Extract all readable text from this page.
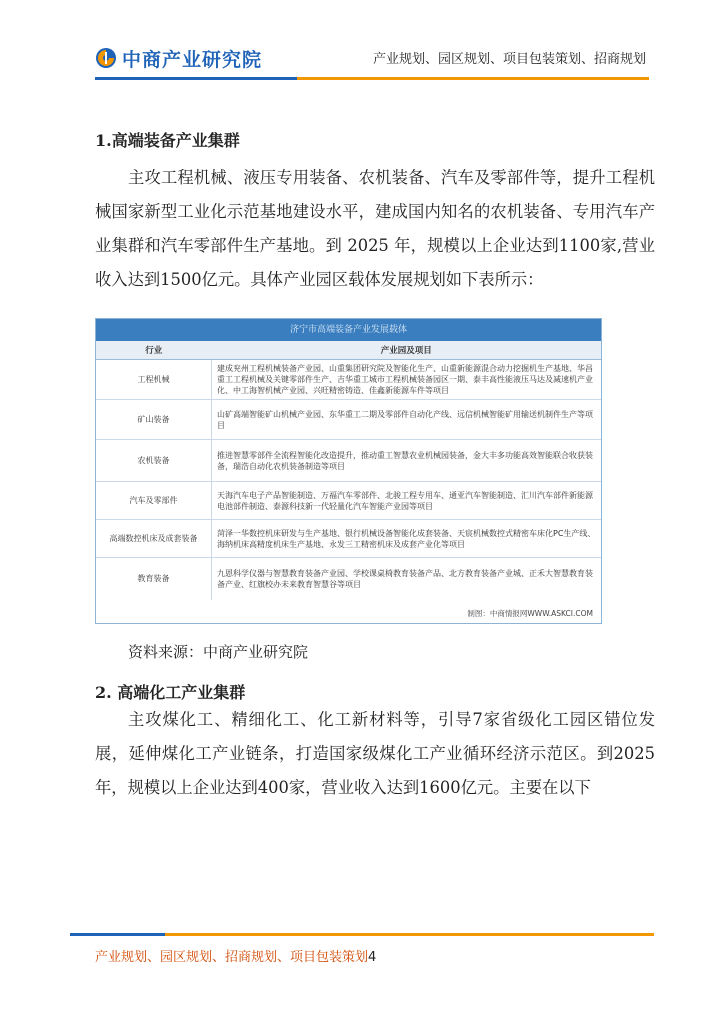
中商产业研究院	产业规划、园区规划、项目包装策划、招商规划
1.高端装备产业集群

主攻工程机械、液压专用装备、农机装备、汽车及零部件等，提升工程机械国家新型工业化示范基地建设水平，建成国内知名的农机装备、专用汽车产业集群和汽车零部件生产基地。到 2025 年，规模以上企业达到1100家,营业收入达到1500亿元。具体产业园区载体发展规划如下表所示：

济宁市高端装备产业发展载体
行业	产业园及项目
工程机械	建成兖州工程机械装备产业园、山重集团研究院及智能化生产、山重新能源混合动力挖掘机生产基地、华昌重工工程机械及关键零部件生产、吉华重工城市工程机械装备园区一期、泰丰高性能液压马达及减速机产业化、中工海智机械产业园、兴旺精密铸造、佳鑫新能源车件等项目
矿山装备	山矿高端智能矿山机械产业园、东华重工二期及零部件自动化产线、远信机械智能矿用输送机制件生产等项目
农机装备	推进智慧零部件全流程智能化改造提升，推动重工智慧农业机械园装备，金大丰多功能高效智能联合收获装备，瑞浩自动化农机装备制造等项目
汽车及零部件	天海汽车电子产品智能制造、万福汽车零部件、北骏工程专用车、通亚汽车智能制造、汇川汽车部件新能源电池部件制造、泰源科技新一代轻量化汽车智能产业园等项目
高端数控机床及成套装备	菏泽一华数控机床研发与生产基地、银行机械设备智能化成套装备、天宸机械数控式精密车床化PC生产线、海纳机床高精度机床生产基地、永发三工精密机床及成套产业化等项目
教育装备	九恩科学仪器与智慧教育装备产业园、学校课桌椅教育装备产品、北方教育装备产业城、正禾大智慧教育装备产业、红旗校办未来教育智慧谷等项目
制图：中商情报网WWW.ASKCI.COM
资料来源：中商产业研究院
2. 高端化工产业集群

主攻煤化工、精细化工、化工新材料等，引导7家省级化工园区错位发展，延伸煤化工产业链条，打造国家级煤化工产业循环经济示范区。到2025年，规模以上企业达到400家，营业收入达到1600亿元。主要在以下

产业规划、园区规划、招商规划、项目包装策划4
